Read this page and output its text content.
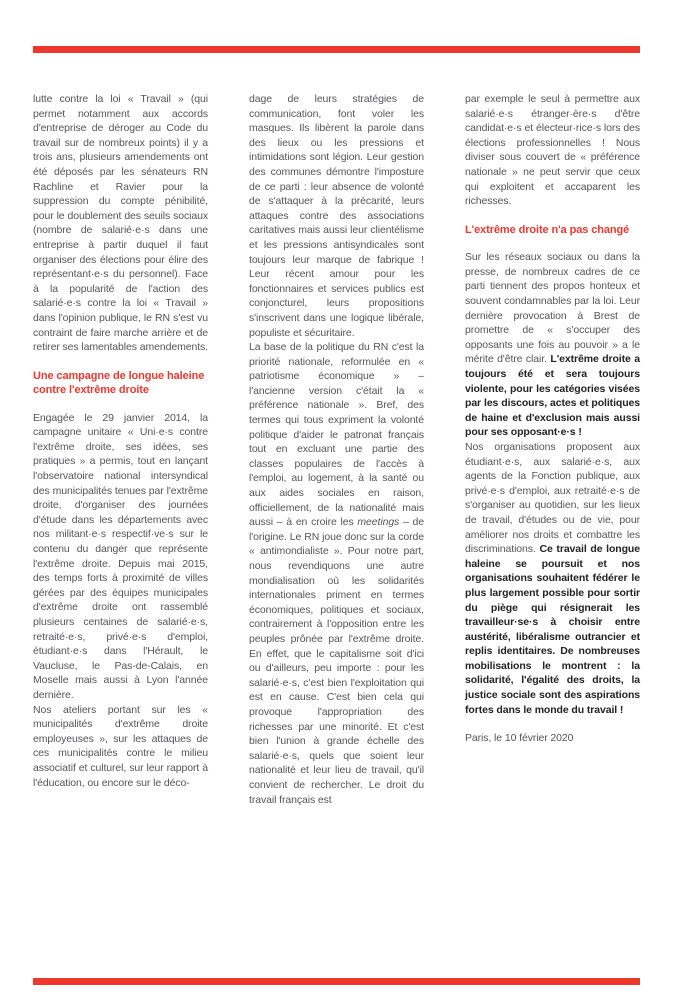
lutte contre la loi « Travail » (qui permet notamment aux accords d'entreprise de déroger au Code du travail sur de nombreux points) il y a trois ans, plusieurs amendements ont été déposés par les sénateurs RN Rachline et Ravier pour la suppression du compte pénibilité, pour le doublement des seuils sociaux (nombre de salarié·e·s dans une entreprise à partir duquel il faut organiser des élections pour élire des représentant·e·s du personnel). Face à la popularité de l'action des salarié·e·s contre la loi « Travail » dans l'opinion publique, le RN s'est vu contraint de faire marche arrière et de retirer ses lamentables amendements.

Une campagne de longue haleine contre l'extrême droite

Engagée le 29 janvier 2014, la campagne unitaire « Uni·e·s contre l'extrême droite, ses idées, ses pratiques » a permis, tout en lançant l'observatoire national intersyndical des municipalités tenues par l'extrême droite, d'organiser des journées d'étude dans les départements avec nos militant·e·s respectif·ve·s sur le contenu du danger que représente l'extrême droite. Depuis mai 2015, des temps forts à proximité de villes gérées par des équipes municipales d'extrême droite ont rassemblé plusieurs centaines de salarié·e·s, retraité·e·s, privé·e·s d'emploi, étudiant·e·s dans l'Hérault, le Vaucluse, le Pas-de-Calais, en Moselle mais aussi à Lyon l'année dernière.

Nos ateliers portant sur les « municipalités d'extrême droite employeuses », sur les attaques de ces municipalités contre le milieu associatif et culturel, sur leur rapport à l'éducation, ou encore sur le déco-

dage de leurs stratégies de communication, font voler les masques. Ils libèrent la parole dans des lieux ou les pressions et intimidations sont légion. Leur gestion des communes démontre l'imposture de ce parti : leur absence de volonté de s'attaquer à la précarité, leurs attaques contre des associations caritatives mais aussi leur clientélisme et les pressions antisyndicales sont toujours leur marque de fabrique ! Leur récent amour pour les fonctionnaires et services publics est conjoncturel, leurs propositions s'inscrivent dans une logique libérale, populiste et sécuritaire.

La base de la politique du RN c'est la priorité nationale, reformulée en « patriotisme économique » – l'ancienne version c'était la « préférence nationale ». Bref, des termes qui tous expriment la volonté politique d'aider le patronat français tout en excluant une partie des classes populaires de l'accès à l'emploi, au logement, à la santé ou aux aides sociales en raison, officiellement, de la nationalité mais aussi – à en croire les meetings – de l'origine. Le RN joue donc sur la corde « antimondialiste ». Pour notre part, nous revendiquons une autre mondialisation où les solidarités internationales priment en termes économiques, politiques et sociaux, contrairement à l'opposition entre les peuples prônée par l'extrême droite. En effet, que le capitalisme soit d'ici ou d'ailleurs, peu importe : pour les salarié·e·s, c'est bien l'exploitation qui est en cause. C'est bien cela qui provoque l'appropriation des richesses par une minorité. Et c'est bien l'union à grande échelle des salarié·e·s, quels que soient leur nationalité et leur lieu de travail, qu'il convient de rechercher. Le droit du travail français est

par exemple le seul à permettre aux salarié·e·s étranger·ère·s d'être candidat·e·s et électeur·rice·s lors des élections professionnelles ! Nous diviser sous couvert de « préférence nationale » ne peut servir que ceux qui exploitent et accaparent les richesses.

L'extrême droite n'a pas changé

Sur les réseaux sociaux ou dans la presse, de nombreux cadres de ce parti tiennent des propos honteux et souvent condamnables par la loi. Leur dernière provocation à Brest de promettre de « s'occuper des opposants une fois au pouvoir » a le mérite d'être clair. L'extrême droite a toujours été et sera toujours violente, pour les catégories visées par les discours, actes et politiques de haine et d'exclusion mais aussi pour ses opposant·e·s !

Nos organisations proposent aux étudiant·e·s, aux salarié·e·s, aux agents de la Fonction publique, aux privé·e·s d'emploi, aux retraité·e·s de s'organiser au quotidien, sur les lieux de travail, d'études ou de vie, pour améliorer nos droits et combattre les discriminations. Ce travail de longue haleine se poursuit et nos organisations souhaitent fédérer le plus largement possible pour sortir du piège qui résignerait les travailleur·se·s à choisir entre austérité, libéralisme outrancier et replis identitaires. De nombreuses mobilisations le montrent : la solidarité, l'égalité des droits, la justice sociale sont des aspirations fortes dans le monde du travail !

Paris, le 10 février 2020
